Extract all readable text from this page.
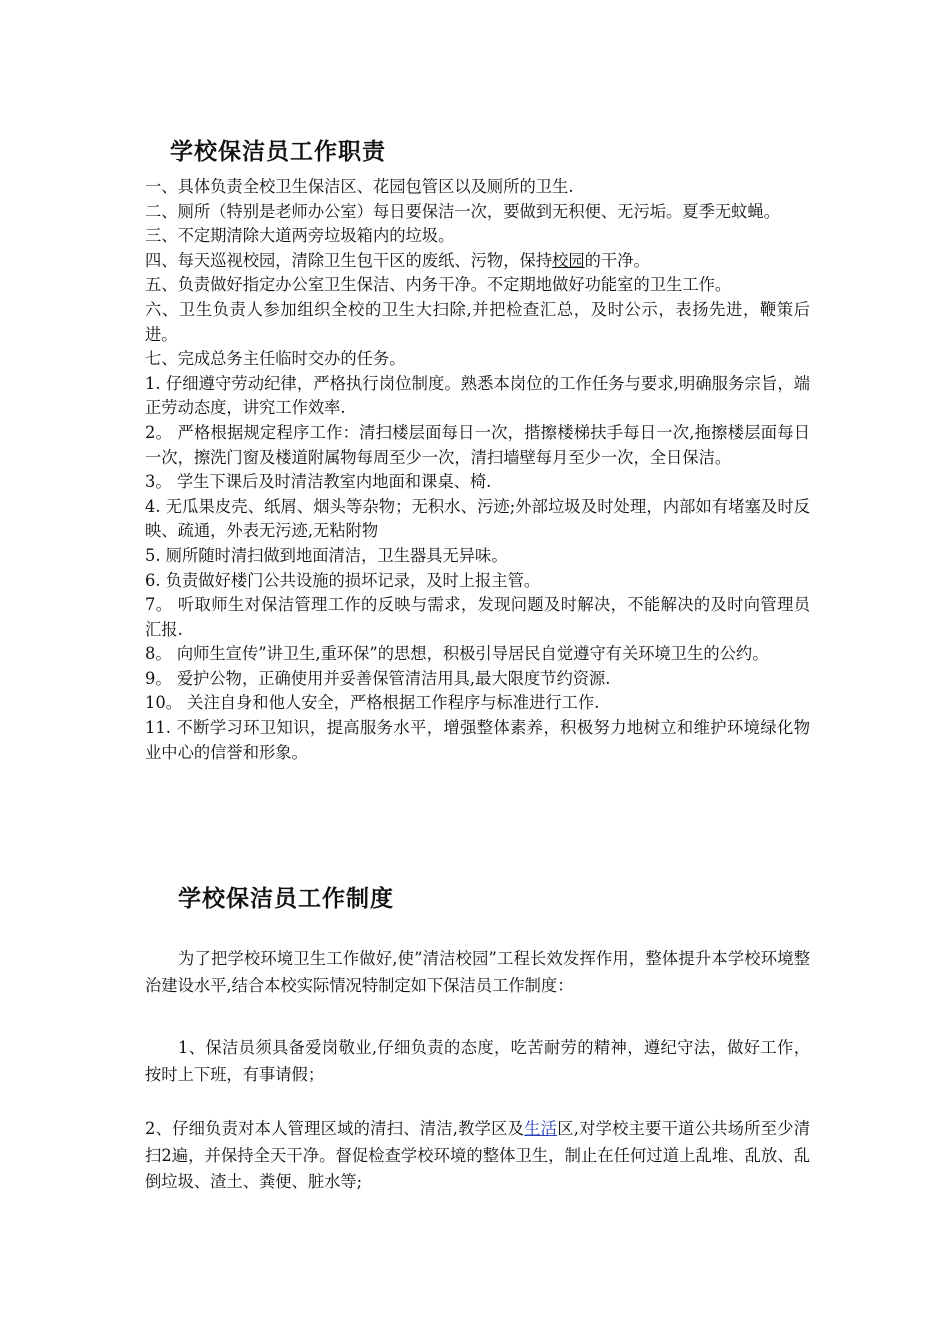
学校保洁员工作职责

一、具体负责全校卫生保洁区、花园包管区以及厕所的卫生.

二、厕所（特别是老师办公室）每日要保洁一次，要做到无积便、无污垢。夏季无蚊蝇。

三、不定期清除大道两旁垃圾箱内的垃圾。

四、每天巡视校园，清除卫生包干区的废纸、污物，保持校园的干净。

五、负责做好指定办公室卫生保洁、内务干净。不定期地做好功能室的卫生工作。

六、卫生负责人参加组织全校的卫生大扫除,并把检查汇总，及时公示，表扬先进，鞭策后进。

七、完成总务主任临时交办的任务。

1. 仔细遵守劳动纪律，严格执行岗位制度。熟悉本岗位的工作任务与要求,明确服务宗旨，端正劳动态度，讲究工作效率.

2。 严格根据规定程序工作：清扫楼层面每日一次，揩擦楼梯扶手每日一次,拖擦楼层面每日一次，擦洗门窗及楼道附属物每周至少一次，清扫墙壁每月至少一次，全日保洁。

3。 学生下课后及时清洁教室内地面和课桌、椅.

4. 无瓜果皮壳、纸屑、烟头等杂物；无积水、污迹;外部垃圾及时处理，内部如有堵塞及时反映、疏通，外表无污迹,无粘附物

5. 厕所随时清扫做到地面清洁，卫生器具无异味。

6. 负责做好楼门公共设施的损坏记录，及时上报主管。

7。 听取师生对保洁管理工作的反映与需求，发现问题及时解决，不能解决的及时向管理员汇报.

8。 向师生宣传”讲卫生,重环保”的思想，积极引导居民自觉遵守有关环境卫生的公约。

9。 爱护公物，正确使用并妥善保管清洁用具,最大限度节约资源.

10。 关注自身和他人安全，严格根据工作程序与标准进行工作.

11. 不断学习环卫知识，提高服务水平，增强整体素养，积极努力地树立和维护环境绿化物业中心的信誉和形象。

学校保洁员工作制度

为了把学校环境卫生工作做好,使”清洁校园”工程长效发挥作用，整体提升本学校环境整治建设水平,结合本校实际情况特制定如下保洁员工作制度：

1、保洁员须具备爱岗敬业,仔细负责的态度，吃苦耐劳的精神，遵纪守法，做好工作，按时上下班，有事请假；

2、仔细负责对本人管理区域的清扫、清洁,教学区及生活区,对学校主要干道公共场所至少清扫2遍，并保持全天干净。督促检查学校环境的整体卫生，制止在任何过道上乱堆、乱放、乱倒垃圾、渣土、粪便、脏水等;
